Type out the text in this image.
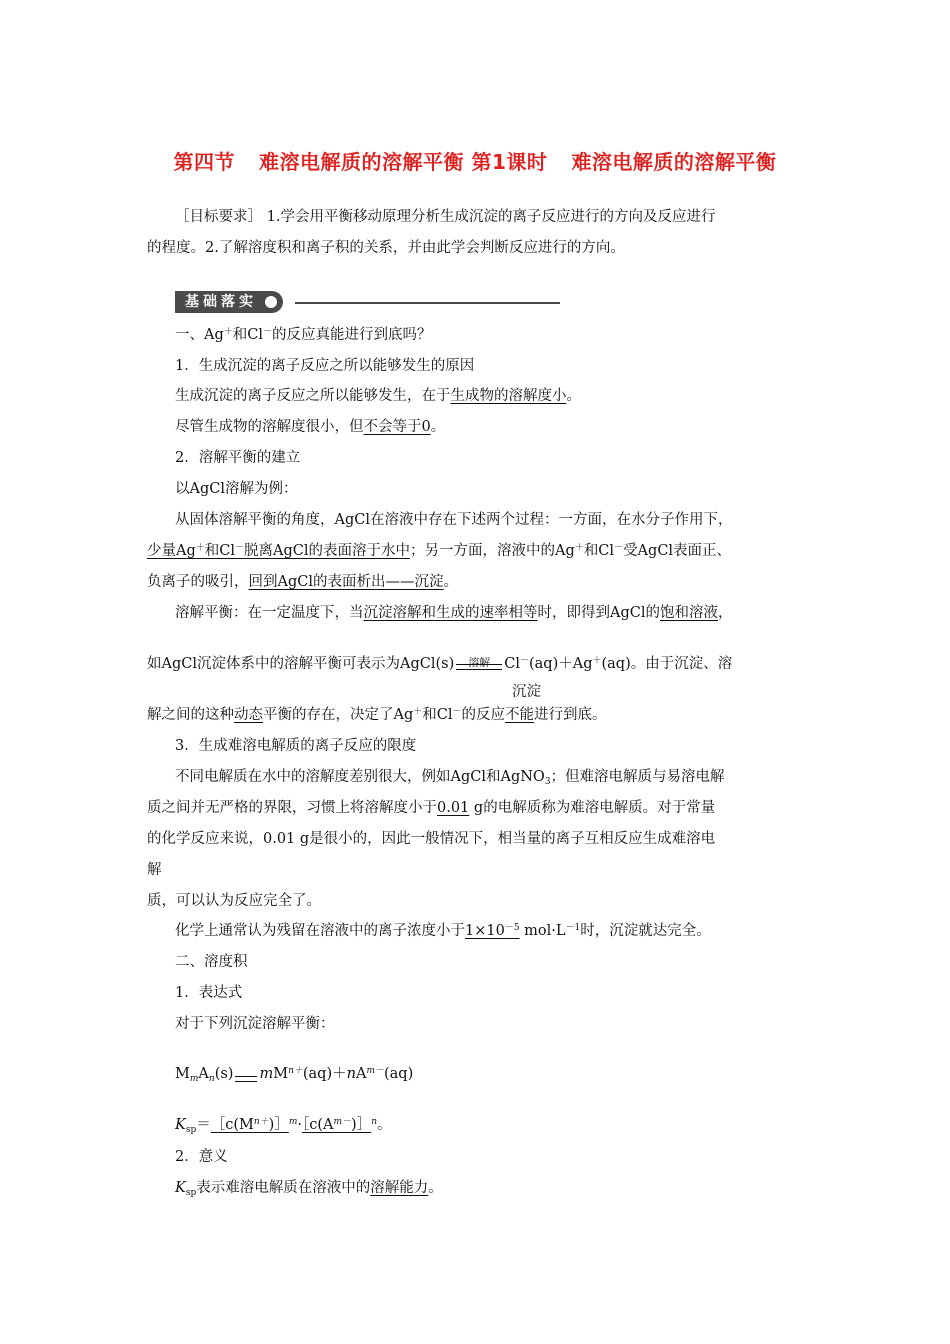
第四节 难溶电解质的溶解平衡 第1课时 难溶电解质的溶解平衡
［目标要求］ 1.学会用平衡移动原理分析生成沉淀的离子反应进行的方向及反应进行
的程度。2.了解溶度积和离子积的关系，并由此学会判断反应进行的方向。
基础落实
一、Ag＋和Cl－的反应真能进行到底吗？
1．生成沉淀的离子反应之所以能够发生的原因
生成沉淀的离子反应之所以能够发生，在于生成物的溶解度小。
尽管生成物的溶解度很小，但不会等于0。
2．溶解平衡的建立
以AgCl溶解为例：
从固体溶解平衡的角度，AgCl在溶液中存在下述两个过程：一方面，在水分子作用下，
少量Ag＋和Cl－脱离AgCl的表面溶于水中；另一方面，溶液中的Ag＋和Cl－受AgCl表面正、
负离子的吸引，回到AgCl的表面析出——沉淀。
溶解平衡：在一定温度下，当沉淀溶解和生成的速率相等时，即得到AgCl的饱和溶液，
如AgCl沉淀体系中的溶解平衡可表示为AgCl(s)	溶解 Cl－(aq)＋Ag＋(aq)。由于沉淀、溶
沉淀
解之间的这种动态平衡的存在，决定了Ag＋和Cl－的反应不能进行到底。
3．生成难溶电解质的离子反应的限度
不同电解质在水中的溶解度差别很大，例如AgCl和AgNO$_3$；但难溶电解质与易溶电解
质之间并无严格的界限，习惯上将溶解度小于0.01 g的电解质称为难溶电解质。对于常量
的化学反应来说，0.01 g是很小的，因此一般情况下，相当量的离子互相反应生成难溶电
解
质，可以认为反应完全了。
化学上通常认为残留在溶液中的离子浓度小于$1\times 10^{-5}$ $mol\cdot L^{-1}$时，沉淀就达完全。
二、溶度积
1．表达式
对于下列沉淀溶解平衡：
$M_mA_n(s)$ $mM^{n+}(aq)+nA^{m-}(aq)$
$K_{sp}=[c(M^{n+})]^m\cdot[c(A^{m-})]^n$。
2．意义
$K_{sp}$表示难溶电解质在溶液中的溶解能力。
